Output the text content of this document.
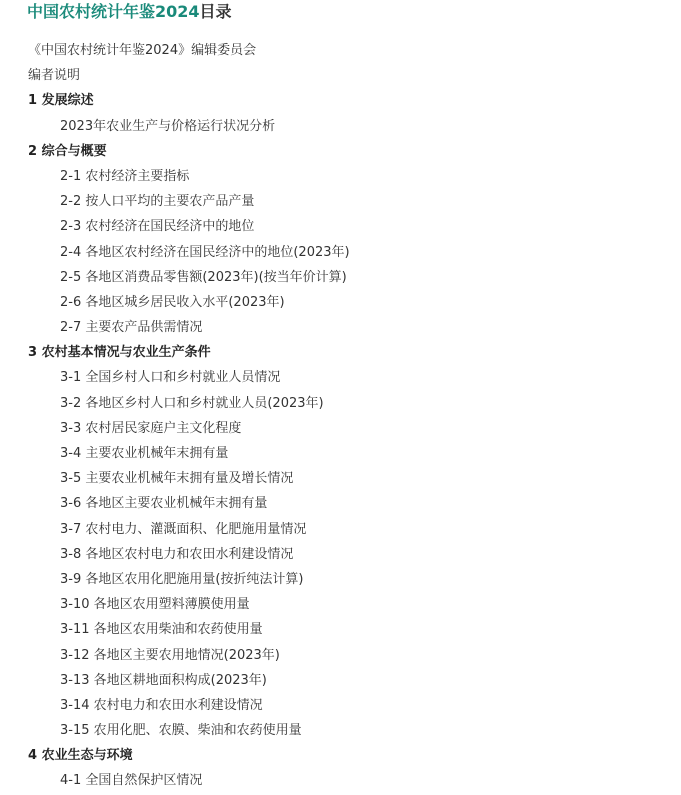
中国农村统计年鉴2024目录
《中国农村统计年鉴2024》编辑委员会
编者说明
1 发展综述
2023年农业生产与价格运行状况分析
2 综合与概要
2-1 农村经济主要指标
2-2 按人口平均的主要农产品产量
2-3 农村经济在国民经济中的地位
2-4 各地区农村经济在国民经济中的地位(2023年)
2-5 各地区消费品零售额(2023年)(按当年价计算)
2-6 各地区城乡居民收入水平(2023年)
2-7 主要农产品供需情况
3 农村基本情况与农业生产条件
3-1 全国乡村人口和乡村就业人员情况
3-2 各地区乡村人口和乡村就业人员(2023年)
3-3 农村居民家庭户主文化程度
3-4 主要农业机械年末拥有量
3-5 主要农业机械年末拥有量及增长情况
3-6 各地区主要农业机械年末拥有量
3-7 农村电力、灌溉面积、化肥施用量情况
3-8 各地区农村电力和农田水利建设情况
3-9 各地区农用化肥施用量(按折纯法计算)
3-10 各地区农用塑料薄膜使用量
3-11 各地区农用柴油和农药使用量
3-12 各地区主要农用地情况(2023年)
3-13 各地区耕地面积构成(2023年)
3-14 农村电力和农田水利建设情况
3-15 农用化肥、农膜、柴油和农药使用量
4 农业生态与环境
4-1 全国自然保护区情况
